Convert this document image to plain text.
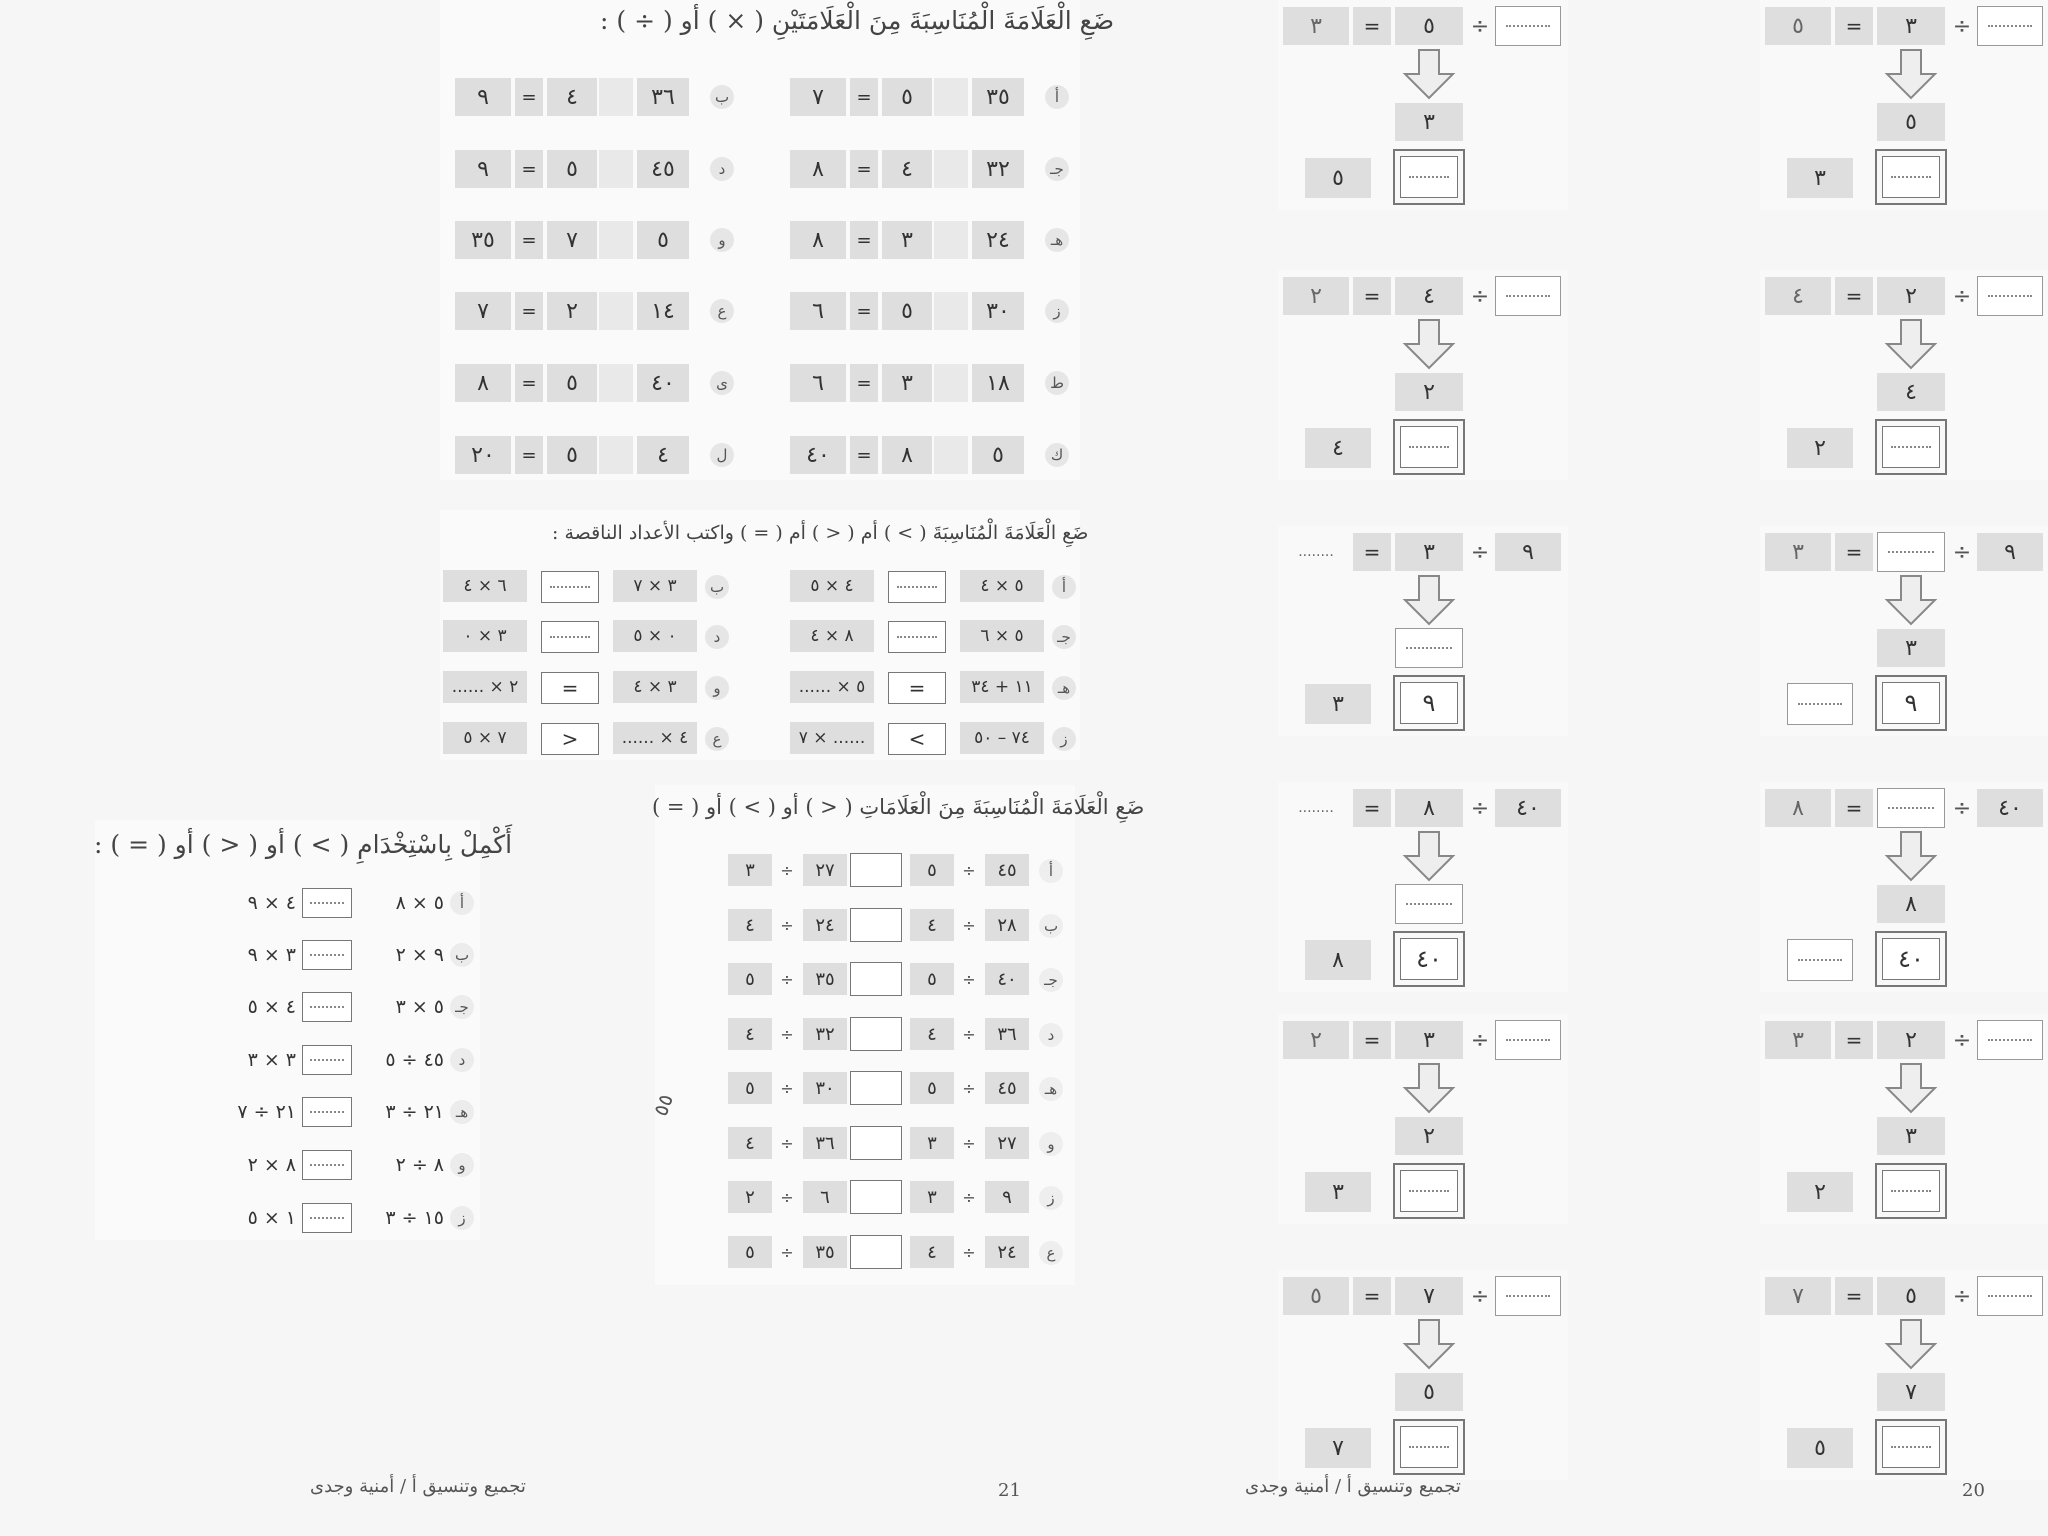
÷
٣
=
٥
٥
٣
÷
٥
=
٣
٣
٥
÷
٢
=
٤
٤
٢
÷
٤
=
٢
٢
٤
٩
÷
=
٣
٣
٩
٩
÷
٣
=
........
٩
٣
٤٠
÷
=
٨
٨
٤٠
٤٠
÷
٨
=
........
٤٠
٨
÷
٢
=
٣
٣
٢
÷
٣
=
٢
٢
٣
÷
٥
=
٧
٧
٥
÷
٧
=
٥
٥
٧
20
تجميع وتنسيق أ / أمنية وجدى
ضَعِ الْعَلَامَةَ الْمُنَاسِبَةَ مِنَ الْعَلَامَتَيْنِ ( × ) أو ( ÷ ) :
أ
٣٥
٥
=
٧
ب
٣٦
٤
=
٩
جـ
٣٢
٤
=
٨
د
٤٥
٥
=
٩
هـ
٢٤
٣
=
٨
و
٥
٧
=
٣٥
ز
٣٠
٥
=
٦
ع
١٤
٢
=
٧
ط
١٨
٣
=
٦
ى
٤٠
٥
=
٨
ك
٥
٨
=
٤٠
ل
٤
٥
=
٢٠
ضَعِ الْعَلَامَةَ الْمُنَاسِبَةَ ( > ) أم ( < ) أم ( = ) واكتب الأعداد الناقصة :
أ
٥ × ٤
٤ × ٥
ب
٣ × ٧
٦ × ٤
جـ
٥ × ٦
٨ × ٤
د
٠ × ٥
٣ × ٠
هـ
١١ + ٣٤
=
...... × ٥
و
٣ × ٤
=
...... × ٢
ز
٧٤ – ٥٠
<
٧ × ......
ع
...... × ٤
>
٧ × ٥
ضَعِ الْعَلَامَةَ الْمُنَاسِبَةَ مِنَ الْعَلَامَاتِ ( < ) أو ( > ) أو ( = )
٥٥
أ
٤٥
÷
٥
٢٧
÷
٣
ب
٢٨
÷
٤
٢٤
÷
٤
جـ
٤٠
÷
٥
٣٥
÷
٥
د
٣٦
÷
٤
٣٢
÷
٤
هـ
٤٥
÷
٥
٣٠
÷
٥
و
٢٧
÷
٣
٣٦
÷
٤
ز
٩
÷
٣
٦
÷
٢
ع
٢٤
÷
٤
٣٥
÷
٥
أَكْمِلْ بِاسْتِخْدَامِ ( > ) أو ( < ) أو ( = ) :
أ
٥ × ٨
٤ × ٩
ب
٩ × ٢
٣ × ٩
جـ
٥ × ٣
٤ × ٥
د
٤٥ ÷ ٥
٣ × ٣
هـ
٢١ ÷ ٣
٢١ ÷ ٧
و
٨ ÷ ٢
٨ × ٢
ز
١٥ ÷ ٣
١ × ٥
21
تجميع وتنسيق أ / أمنية وجدى
